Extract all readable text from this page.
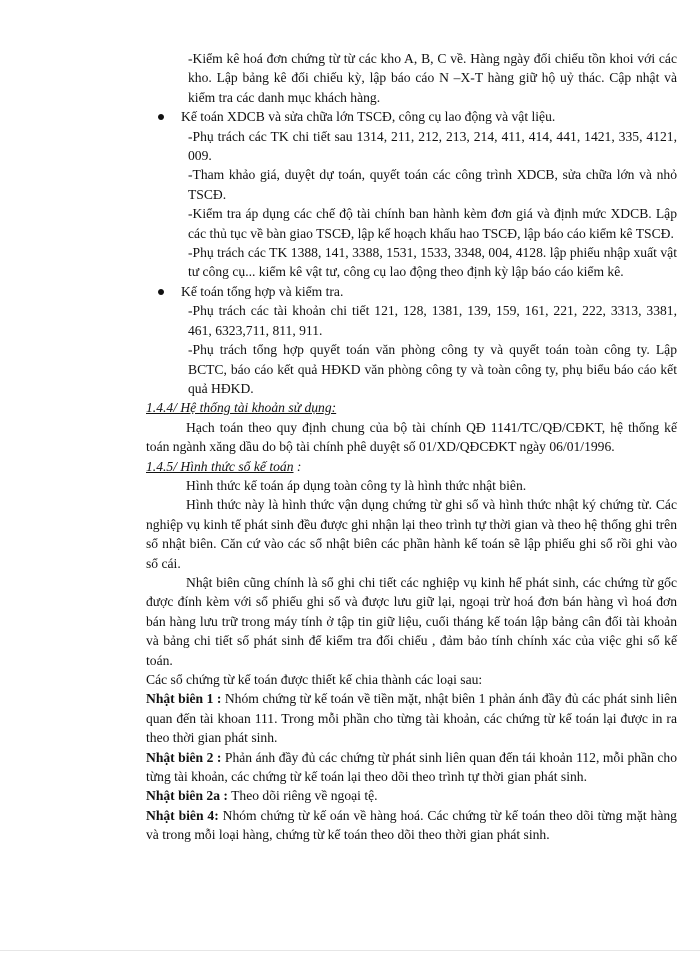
-Kiểm kê hoá đơn chứng từ từ các kho A, B, C về. Hàng ngày đối chiếu tồn khoi với các kho. Lập bảng kê đối chiếu kỳ, lập báo cáo N –X-T hàng giữ hộ uỷ thác. Cập nhật và kiểm tra các danh mục khách hàng.

Kế toán XDCB và sửa chữa lớn TSCĐ, công cụ lao động và vật liệu.

-Phụ trách các TK chi tiết sau 1314, 211, 212, 213, 214, 411, 414, 441, 1421, 335, 4121, 009.

-Tham khảo giá, duyệt dự toán, quyết toán các công trình XDCB, sửa chữa lớn và nhỏ TSCĐ.

-Kiểm tra áp dụng các chế độ tài chính ban hành kèm đơn giá và định mức XDCB. Lập các thủ tục về bàn giao TSCĐ, lập kế hoạch khấu hao TSCĐ, lập báo cáo kiểm kê TSCĐ.

-Phụ trách các TK 1388, 141, 3388, 1531, 1533, 3348, 004, 4128. lập phiếu nhập xuất vật tư công cụ... kiểm kê vật tư, công cụ lao động theo định kỳ lập báo cáo kiểm kê.

Kế toán tổng hợp và kiểm tra.

-Phụ trách các tài khoản chi tiết 121, 128, 1381, 139, 159, 161, 221, 222, 3313, 3381, 461, 6323,711, 811, 911.

-Phụ trách tổng hợp quyết toán văn phòng công ty và quyết toán toàn công ty. Lập BCTC, báo cáo kết quả HĐKD văn phòng công ty và toàn công ty, phụ biểu báo cáo kết quả HĐKD.

1.4.4/ Hệ thống tài khoản sử dụng:

Hạch toán theo quy định chung của bộ tài chính QĐ 1141/TC/QĐ/CĐKT, hệ thống kế toán ngành xăng dầu do bộ tài chính phê duyệt số 01/XD/QĐCĐKT ngày 06/01/1996.

1.4.5/ Hình thức sổ kế toán :

Hình thức kế toán áp dụng toàn công ty là hình thức nhật biên.

Hình thức này là hình thức vận dụng chứng từ ghi sổ và hình thức nhật ký chứng từ. Các nghiệp vụ kinh tế phát sinh đều được ghi nhận lại theo trình tự thời gian và theo hệ thống ghi trên sổ nhật biên. Căn cứ vào các sổ nhật biên các phần hành kế toán sẽ lập phiếu ghi sổ rồi ghi vào sổ cái.

Nhật biên cũng chính là sổ ghi chi tiết các nghiệp vụ kinh hế phát sinh, các chứng từ gốc được đính kèm với sổ phiếu ghi sổ và được lưu giữ lại, ngoại trừ hoá đơn bán hàng vì hoá đơn bán hàng lưu trữ trong máy tính ở tập tin giữ liệu, cuối tháng kế toán lập bảng cân đối tài khoản và bảng chi tiết số phát sinh để kiểm tra đối chiếu , đảm bảo tính chính xác của việc ghi sổ kế toán.

Các sổ chứng từ kế toán được thiết kế chia thành các loại sau:

Nhật biên 1 : Nhóm chứng từ kế toán về tiền mặt, nhật biên 1 phản ánh đầy đủ các phát sinh liên quan đến tài khoan 111. Trong mỗi phần cho từng tài khoản, các chứng từ kế toán lại được in ra theo thời gian phát sinh.

Nhật biên 2 : Phản ánh đầy đủ các chứng từ phát sinh liên quan đến tái khoản 112, mỗi phần cho từng tài khoản, các chứng từ kế toán lại theo dõi theo trình tự thời gian phát sinh.

Nhật biên 2a : Theo dõi riêng về ngoại tệ.

Nhật biên 4: Nhóm chứng từ kế oán về hàng hoá. Các chứng từ kế toán theo dõi từng mặt hàng và trong mỗi loại hàng, chứng từ kế toán theo dõi theo thời gian phát sinh.
